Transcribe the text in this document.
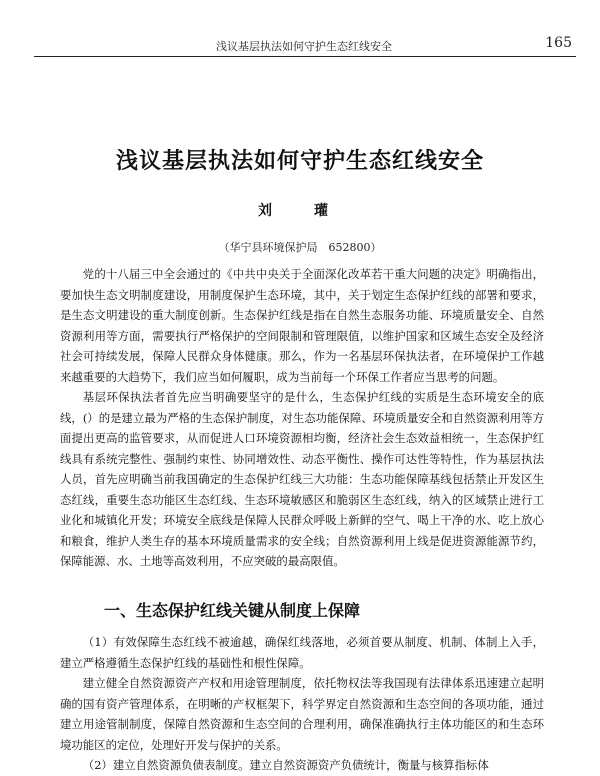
浅议基层执法如何守护生态红线安全	165
浅议基层执法如何守护生态红线安全
刘　瓘
（华宁县环境保护局　652800）

党的十八届三中全会通过的《中共中央关于全面深化改革若干重大问题的决定》明确指出，要加快生态文明制度建设，用制度保护生态环境，其中，关于划定生态保护红线的部署和要求，是生态文明建设的重大制度创新。生态保护红线是指在自然生态服务功能、环境质量安全、自然资源利用等方面，需要执行严格保护的空间限制和管理限值，以维护国家和区域生态安全及经济社会可持续发展，保障人民群众身体健康。那么，作为一名基层环保执法者，在环境保护工作越来越重要的大趋势下，我们应当如何履职，成为当前每一个环保工作者应当思考的问题。

基层环保执法者首先应当明确要坚守的是什么，生态保护红线的实质是生态环境安全的底线，(）的是建立最为严格的生态保护制度，对生态功能保障、环境质量安全和自然资源利用等方面提出更高的监管要求，从而促进人口环境资源相均衡，经济社会生态效益相统一，生态保护红线具有系统完整性、强制约束性、协同增效性、动态平衡性、操作可达性等特性，作为基层执法人员，首先应明确当前我国确定的生态保护红线三大功能：生态功能保障基线包括禁止开发区生态红线，重要生态功能区生态红线、生态环境敏感区和脆弱区生态红线，纳入的区域禁止进行工业化和城镇化开发；环境安全底线是保障人民群众呼吸上新鲜的空气、喝上干净的水、吃上放心和粮食，维护人类生存的基本环境质量需求的安全线；自然资源利用上线是促进资源能源节约，保障能源、水、土地等高效利用，不应突破的最高限值。

一、生态保护红线关键从制度上保障

（1）有效保障生态红线不被逾越，确保红线落地，必须首要从制度、机制、体制上入手，建立严格遵循生态保护红线的基础性和根性保障。

建立健全自然资源资产产权和用途管理制度，依托物权法等我国现有法律体系迅速建立起明确的国有资产管理体系，在明晰的产权框架下，科学界定自然资源和生态空间的各项功能，通过建立用途管制制度，保障自然资源和生态空间的合理利用，确保准确执行主体功能区的和生态环境功能区的定位，处理好开发与保护的关系。

（2）建立自然资源负债表制度。建立自然资源资产负债统计，衡量与核算指标体
